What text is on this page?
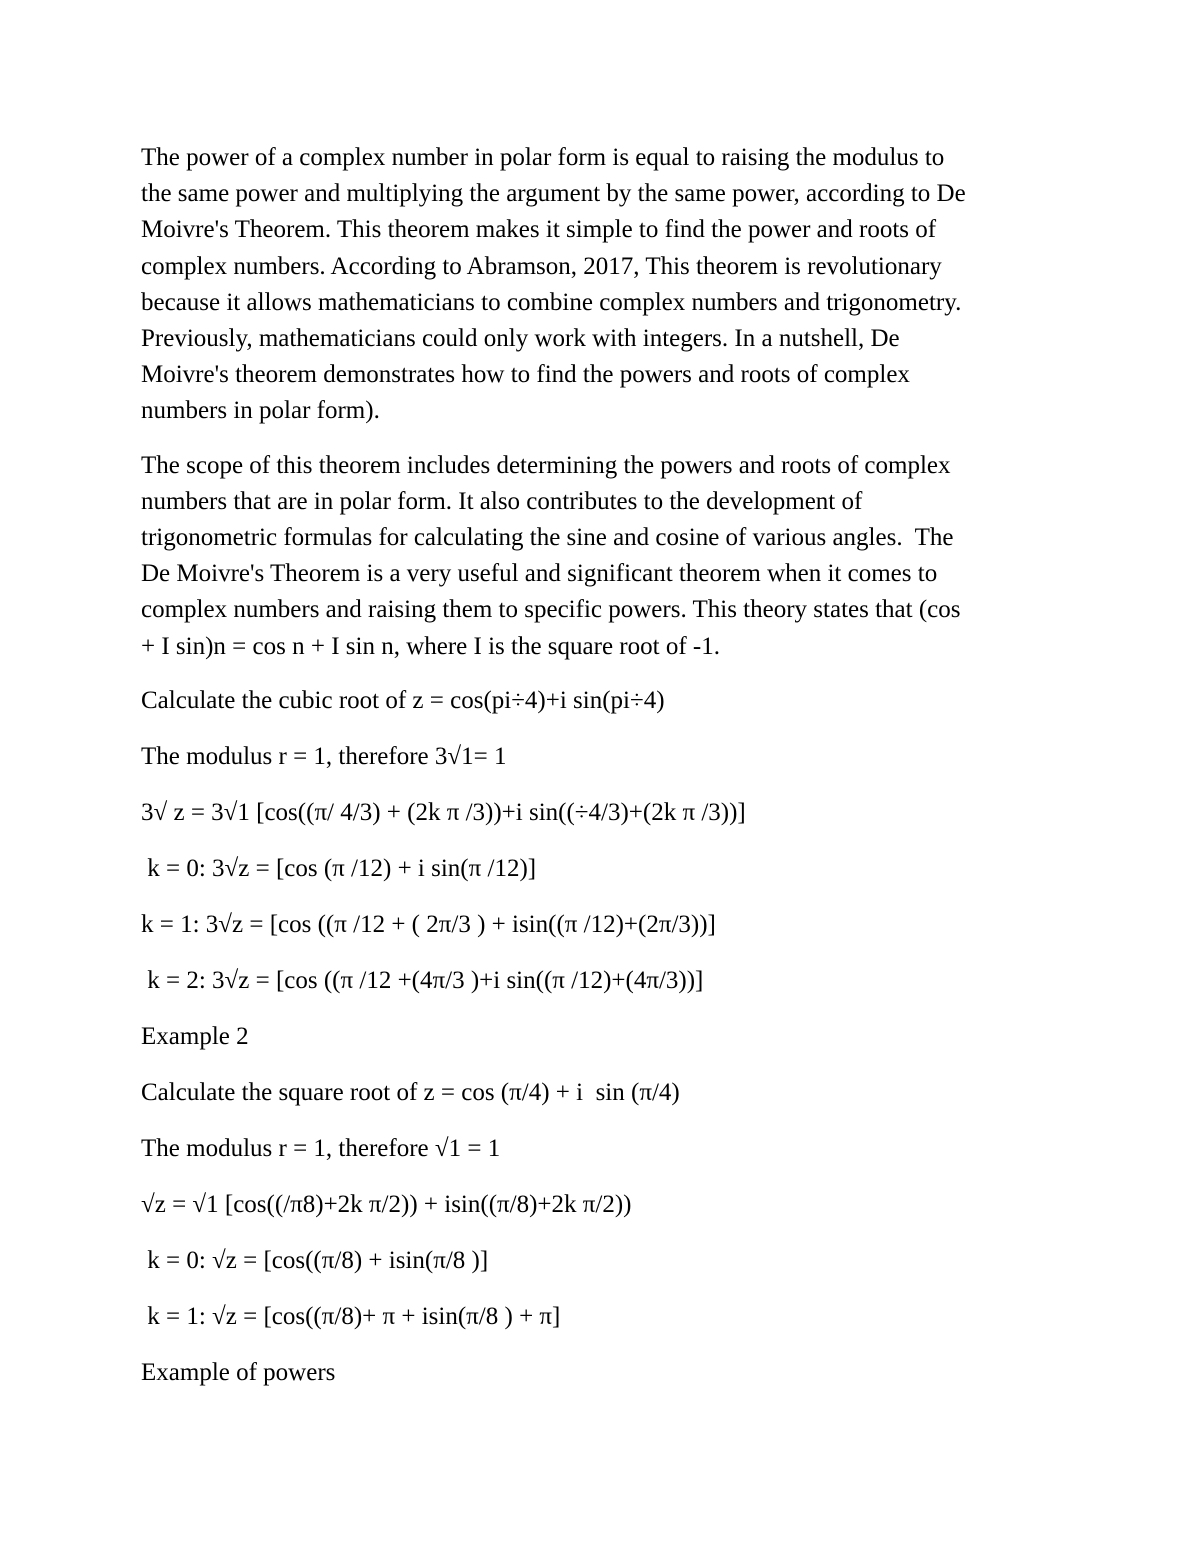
The power of a complex number in polar form is equal to raising the modulus to
the same power and multiplying the argument by the same power, according to De
Moivre's Theorem. This theorem makes it simple to find the power and roots of
complex numbers. According to Abramson, 2017, This theorem is revolutionary
because it allows mathematicians to combine complex numbers and trigonometry.
Previously, mathematicians could only work with integers. In a nutshell, De
Moivre's theorem demonstrates how to find the powers and roots of complex
numbers in polar form).
The scope of this theorem includes determining the powers and roots of complex
numbers that are in polar form. It also contributes to the development of
trigonometric formulas for calculating the sine and cosine of various angles.  The
De Moivre's Theorem is a very useful and significant theorem when it comes to
complex numbers and raising them to specific powers. This theory states that (cos
+ I sin)n = cos n + I sin n, where I is the square root of -1.

Calculate the cubic root of z = cos(pi÷4)+i sin(pi÷4)

The modulus r = 1, therefore 3√1= 1

3√ z = 3√1 [cos((π/ 4/3) + (2k π /3))+i sin((÷4/3)+(2k π /3))]

k = 0: 3√z = [cos (π /12) + i sin(π /12)]

k = 1: 3√z = [cos ((π /12 + ( 2π/3 ) + isin((π /12)+(2π/3))]

k = 2: 3√z = [cos ((π /12 +(4π/3 )+i sin((π /12)+(4π/3))]

Example 2

Calculate the square root of z = cos (π/4) + i  sin (π/4)

The modulus r = 1, therefore √1 = 1

√z = √1 [cos((/π8)+2k π/2)) + isin((π/8)+2k π/2))

k = 0: √z = [cos((π/8) + isin(π/8 )]

k = 1: √z = [cos((π/8)+ π + isin(π/8 ) + π]

Example of powers
